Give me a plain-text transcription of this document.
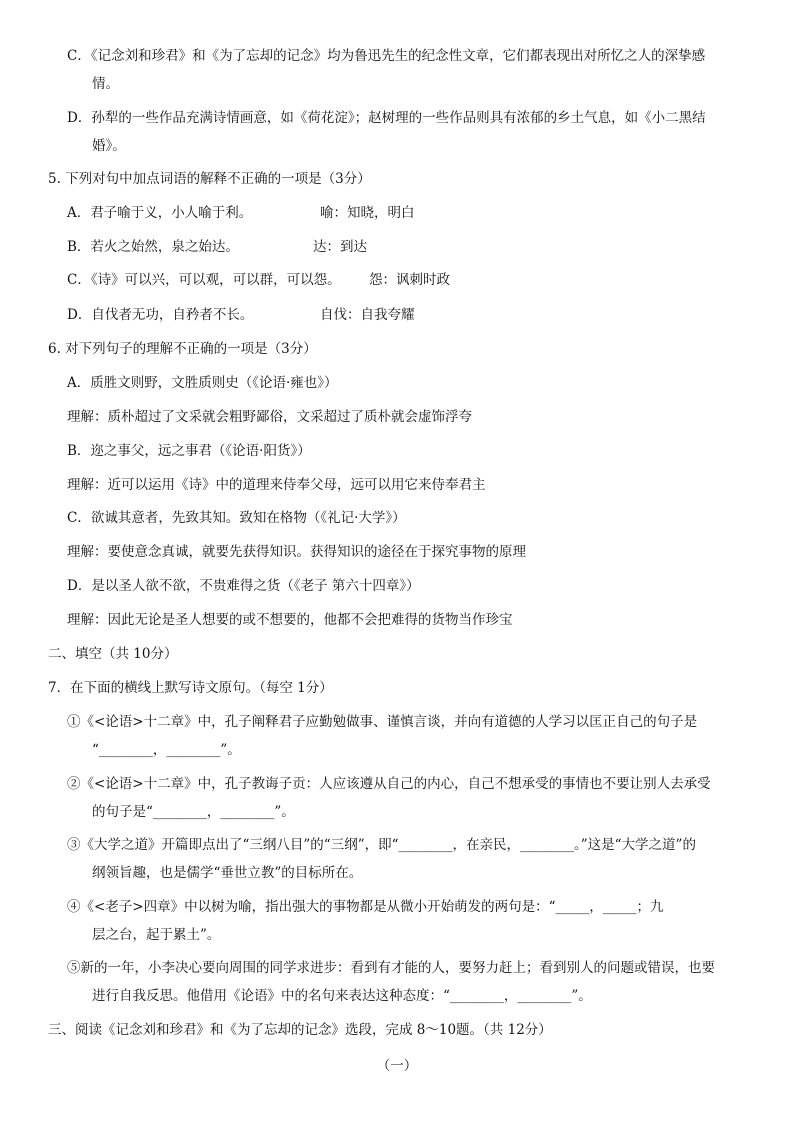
C．《记念刘和珍君》和《为了忘却的记念》均为鲁迅先生的纪念性文章，它们都表现出对所忆之人的深挚感
情。
D．孙犁的一些作品充满诗情画意，如《荷花淀》；赵树理的一些作品则具有浓郁的乡土气息，如《小二黑结
婚》。
5. 下列对句中加点词语的解释不正确的一项是（3分）
A．君子喻于义，小人喻于利。	喻：知晓，明白
B．若火之始然，泉之始达。	达：到达
C．《诗》可以兴，可以观，可以群，可以怨。 怨：讽刺时政
D．自伐者无功，自矜者不长。	自伐：自我夸耀
6. 对下列句子的理解不正确的一项是（3分）
A．质胜文则野，文胜质则史（《论语·雍也》）
理解：质朴超过了文采就会粗野鄙俗，文采超过了质朴就会虚饰浮夸
B．迩之事父，远之事君（《论语·阳货》）
理解：近可以运用《诗》中的道理来侍奉父母，远可以用它来侍奉君主
C．欲诚其意者，先致其知。致知在格物（《礼记·大学》）
理解：要使意念真诚，就要先获得知识。获得知识的途径在于探究事物的原理
D．是以圣人欲不欲，不贵难得之货（《老子 第六十四章》）
理解：因此无论是圣人想要的或不想要的，他都不会把难得的货物当作珍宝
二、填空（共 10分）
7．在下面的横线上默写诗文原句。（每空 1分）
①《<论语>十二章》中，孔子阐释君子应勤勉做事、谨慎言谈，并向有道德的人学习以匡正自己的句子是
“________，________”。
②《<论语>十二章》中，孔子教诲子贡：人应该遵从自己的内心，自己不想承受的事情也不要让别人去承受
的句子是“________，________”。
③《大学之道》开篇即点出了“三纲八目”的“三纲”，即“________，在亲民，________。”这是“大学之道”的
纲领旨趣，也是儒学“垂世立教”的目标所在。
④《<老子>四章》中以树为喻，指出强大的事物都是从微小开始萌发的两句是：“_____，_____；九
层之台，起于累土”。
⑤新的一年，小李决心要向周围的同学求进步：看到有才能的人，要努力赶上；看到别人的问题或错误，也要
进行自我反思。他借用《论语》中的名句来表达这种态度：“________，________”。
三、阅读《记念刘和珍君》和《为了忘却的记念》选段，完成 8～10题。（共 12分）
（一）
